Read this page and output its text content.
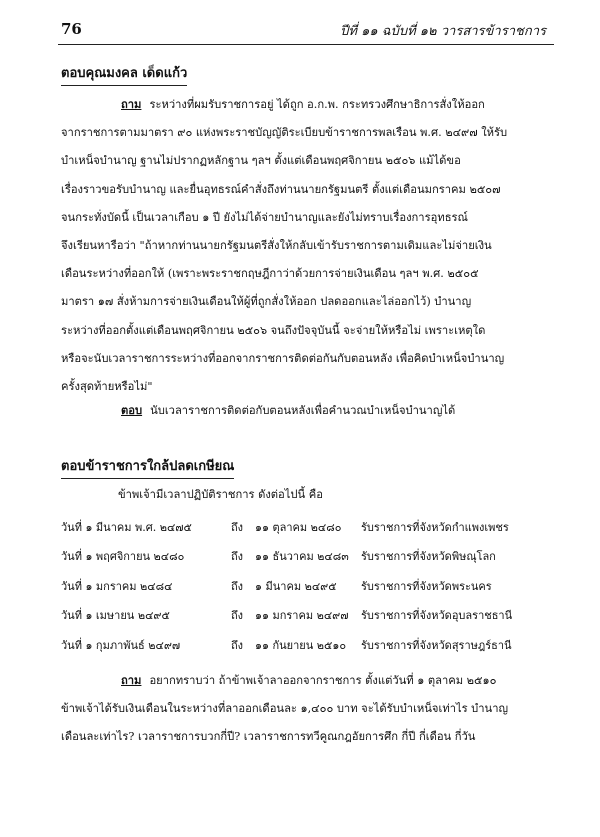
76	ปีที่ ๑๑ ฉบับที่ ๑๒ วารสารข้าราชการ
ตอบคุณมงคล เด็ดแก้ว
ถาม ระหว่างที่ผมรับราชการอยู่ ได้ถูก อ.ก.พ. กระทรวงศึกษาธิการสั่งให้ออก
จากราชการตามมาตรา ๙๐ แห่งพระราชบัญญัติระเบียบข้าราชการพลเรือน พ.ศ. ๒๔๙๗ ให้รับ
บำเหน็จบำนาญ ฐานไม่ปรากฏหลักฐาน ๆลฯ ตั้งแต่เดือนพฤศจิกายน ๒๕๐๖ แม้ได้ขอ
เรื่องราวขอรับบำนาญ และยื่นอุทธรณ์คำสั่งถึงท่านนายกรัฐมนตรี ตั้งแต่เดือนมกราคม ๒๕๐๗
จนกระทั่งบัดนี้ เป็นเวลาเกือบ ๑ ปี ยังไม่ได้จ่ายบำนาญและยังไม่ทราบเรื่องการอุทธรณ์
จึงเรียนหารือว่า "ถ้าหากท่านนายกรัฐมนตรีสั่งให้กลับเข้ารับราชการตามเดิมและไม่จ่ายเงิน
เดือนระหว่างที่ออกให้ (เพราะพระราชกฤษฎีกาว่าด้วยการจ่ายเงินเดือน ๆลฯ พ.ศ. ๒๕๐๕
มาตรา ๑๗ สั่งห้ามการจ่ายเงินเดือนให้ผู้ที่ถูกสั่งให้ออก ปลดออกและไล่ออกไว้) บำนาญ
ระหว่างที่ออกตั้งแต่เดือนพฤศจิกายน ๒๕๐๖ จนถึงปัจจุบันนี้ จะจ่ายให้หรือไม่ เพราะเหตุใด
หรือจะนับเวลาราชการระหว่างที่ออกจากราชการติดต่อกันกับตอนหลัง เพื่อคิดบำเหน็จบำนาญ
ครั้งสุดท้ายหรือไม่"
ตอบ นับเวลาราชการติดต่อกับตอนหลังเพื่อคำนวณบำเหน็จบำนาญได้
ตอบข้าราชการใกล้ปลดเกษียณ
ข้าพเจ้ามีเวลาปฏิบัติราชการ ดังต่อไปนี้ คือ
วันที่ ๑ มีนาคม พ.ศ. ๒๔๗๕	ถึง ๑๑ ตุลาคม ๒๔๘๐ รับราชการที่จังหวัดกำแพงเพชร
วันที่ ๑ พฤศจิกายน ๒๔๘๐	ถึง ๑๑ ธันวาคม ๒๔๘๓ รับราชการที่จังหวัดพิษณุโลก
วันที่ ๑ มกราคม ๒๔๘๔	ถึง ๑ มีนาคม ๒๔๙๕ รับราชการที่จังหวัดพระนคร
วันที่ ๑ เมษายน ๒๔๙๕	ถึง ๑๑ มกราคม ๒๔๙๗ รับราชการที่จังหวัดอุบลราชธานี
วันที่ ๑ กุมภาพันธ์ ๒๔๙๗	ถึง ๑๑ กันยายน ๒๕๑๐ รับราชการที่จังหวัดสุราษฎร์ธานี
ถาม อยากทราบว่า ถ้าข้าพเจ้าลาออกจากราชการ ตั้งแต่วันที่ ๑ ตุลาคม ๒๕๑๐
ข้าพเจ้าได้รับเงินเดือนในระหว่างที่ลาออกเดือนละ ๑,๔๐๐ บาท จะได้รับบำเหน็จเท่าไร บำนาญ
เดือนละเท่าไร? เวลาราชการบวกกี่ปี? เวลาราชการทวีคูณกฎอัยการศึก กี่ปี กี่เดือน กี่วัน
